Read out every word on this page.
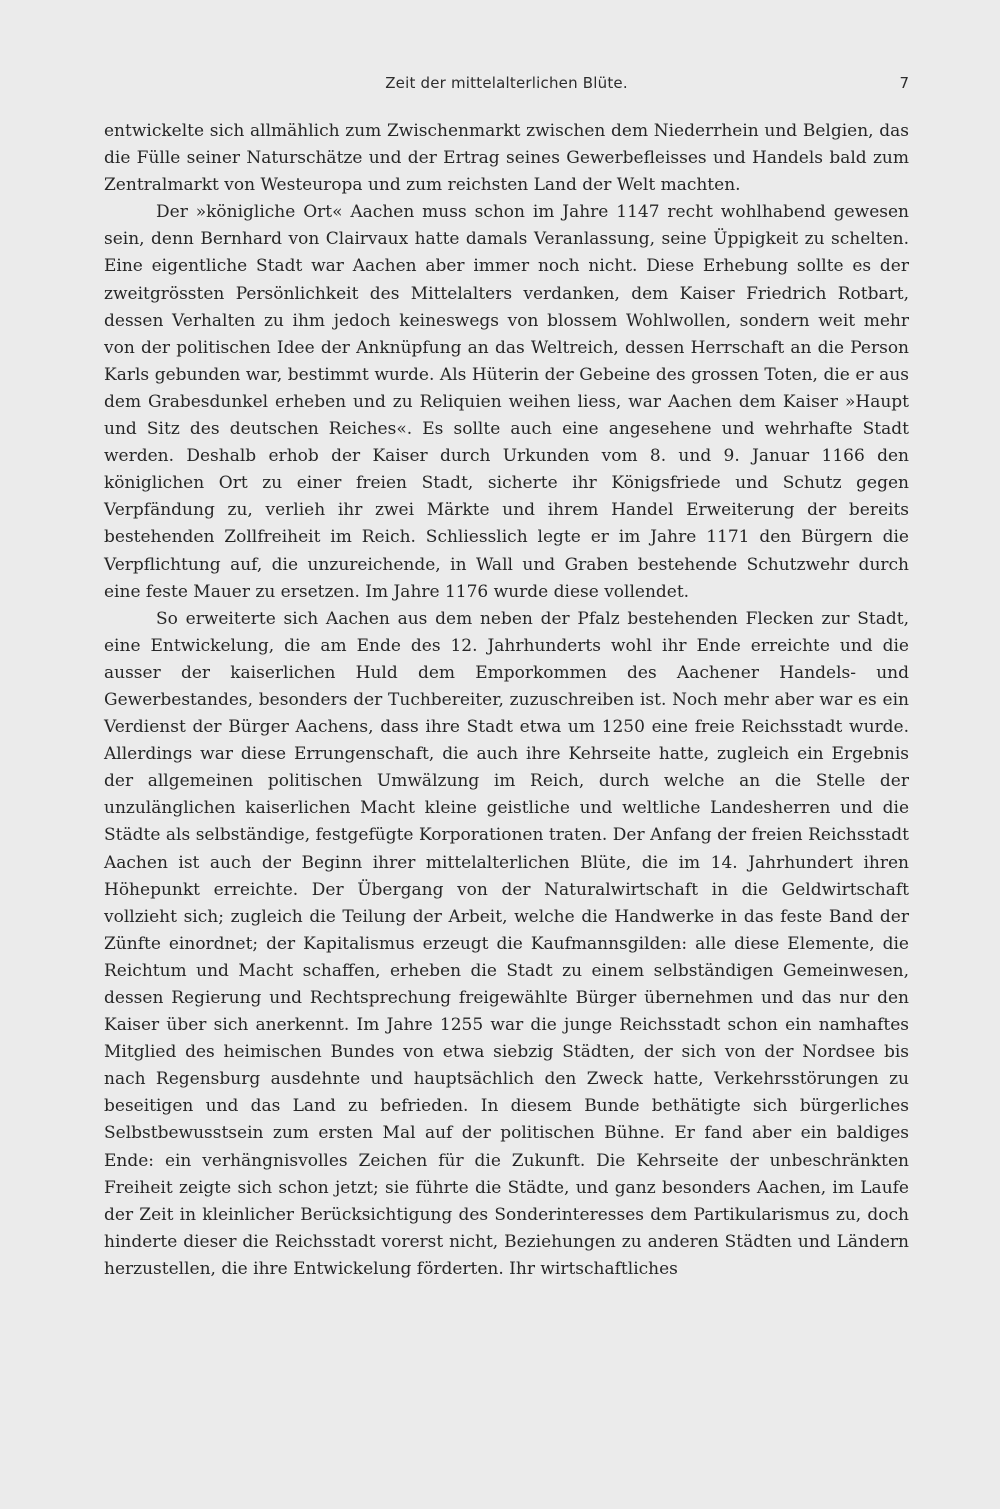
Zeit der mittelalterlichen Blüte.	7

entwickelte sich allmählich zum Zwischenmarkt zwischen dem Niederrhein und Belgien, das die Fülle seiner Naturschätze und der Ertrag seines Gewerbefleisses und Handels bald zum Zentralmarkt von Westeuropa und zum reichsten Land der Welt machten.

Der »königliche Ort« Aachen muss schon im Jahre 1147 recht wohlhabend gewesen sein, denn Bernhard von Clairvaux hatte damals Veranlassung, seine Üppigkeit zu schelten. Eine eigentliche Stadt war Aachen aber immer noch nicht. Diese Erhebung sollte es der zweitgrössten Persönlichkeit des Mittelalters verdanken, dem Kaiser Friedrich Rotbart, dessen Verhalten zu ihm jedoch keineswegs von blossem Wohlwollen, sondern weit mehr von der politischen Idee der Anknüpfung an das Weltreich, dessen Herrschaft an die Person Karls gebunden war, bestimmt wurde. Als Hüterin der Gebeine des grossen Toten, die er aus dem Grabesdunkel erheben und zu Reliquien weihen liess, war Aachen dem Kaiser »Haupt und Sitz des deutschen Reiches«. Es sollte auch eine angesehene und wehrhafte Stadt werden. Deshalb erhob der Kaiser durch Urkunden vom 8. und 9. Januar 1166 den königlichen Ort zu einer freien Stadt, sicherte ihr Königsfriede und Schutz gegen Verpfändung zu, verlieh ihr zwei Märkte und ihrem Handel Erweiterung der bereits bestehenden Zollfreiheit im Reich. Schliesslich legte er im Jahre 1171 den Bürgern die Verpflichtung auf, die unzureichende, in Wall und Graben bestehende Schutzwehr durch eine feste Mauer zu ersetzen. Im Jahre 1176 wurde diese vollendet.

So erweiterte sich Aachen aus dem neben der Pfalz bestehenden Flecken zur Stadt, eine Entwickelung, die am Ende des 12. Jahrhunderts wohl ihr Ende erreichte und die ausser der kaiserlichen Huld dem Emporkommen des Aachener Handels- und Gewerbestandes, besonders der Tuchbereiter, zuzuschreiben ist. Noch mehr aber war es ein Verdienst der Bürger Aachens, dass ihre Stadt etwa um 1250 eine freie Reichsstadt wurde. Allerdings war diese Errungenschaft, die auch ihre Kehrseite hatte, zugleich ein Ergebnis der allgemeinen politischen Umwälzung im Reich, durch welche an die Stelle der unzulänglichen kaiserlichen Macht kleine geistliche und weltliche Landesherren und die Städte als selbständige, festgefügte Korporationen traten. Der Anfang der freien Reichsstadt Aachen ist auch der Beginn ihrer mittelalterlichen Blüte, die im 14. Jahrhundert ihren Höhepunkt erreichte. Der Übergang von der Naturalwirtschaft in die Geldwirtschaft vollzieht sich; zugleich die Teilung der Arbeit, welche die Handwerke in das feste Band der Zünfte einordnet; der Kapitalismus erzeugt die Kaufmannsgilden: alle diese Elemente, die Reichtum und Macht schaffen, erheben die Stadt zu einem selbständigen Gemeinwesen, dessen Regierung und Rechtsprechung freigewählte Bürger übernehmen und das nur den Kaiser über sich anerkennt. Im Jahre 1255 war die junge Reichsstadt schon ein namhaftes Mitglied des heimischen Bundes von etwa siebzig Städten, der sich von der Nordsee bis nach Regensburg ausdehnte und hauptsächlich den Zweck hatte, Verkehrsstörungen zu beseitigen und das Land zu befrieden. In diesem Bunde bethätigte sich bürgerliches Selbstbewusstsein zum ersten Mal auf der politischen Bühne. Er fand aber ein baldiges Ende: ein verhängnisvolles Zeichen für die Zukunft. Die Kehrseite der unbeschränkten Freiheit zeigte sich schon jetzt; sie führte die Städte, und ganz besonders Aachen, im Laufe der Zeit in kleinlicher Berücksichtigung des Sonderinteresses dem Partikularismus zu, doch hinderte dieser die Reichsstadt vorerst nicht, Beziehungen zu anderen Städten und Ländern herzustellen, die ihre Entwickelung förderten. Ihr wirtschaftliches
